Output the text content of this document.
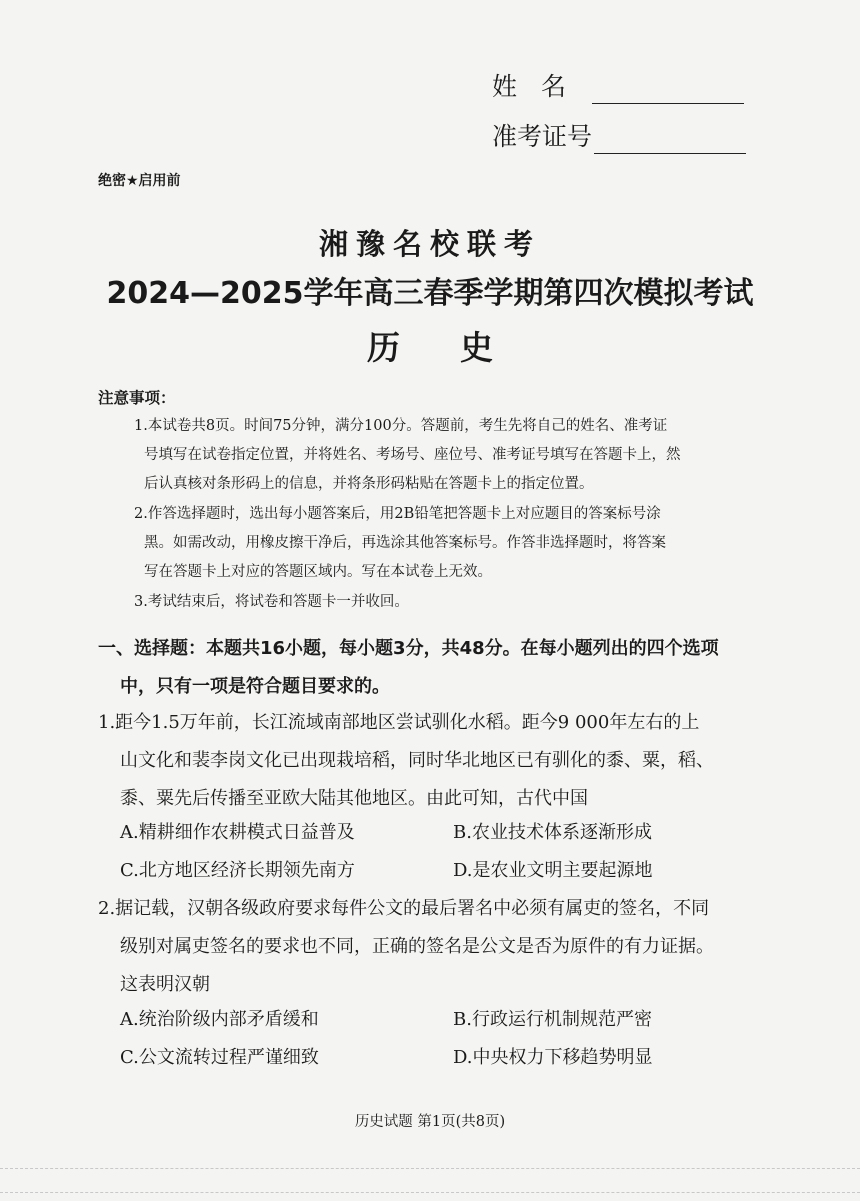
姓名
准考证号
绝密★启用前
湘豫名校联考
2024—2025学年高三春季学期第四次模拟考试
历史
注意事项：
1.本试卷共8页。时间75分钟，满分100分。答题前，考生先将自己的姓名、准考证
号填写在试卷指定位置，并将姓名、考场号、座位号、准考证号填写在答题卡上，然
后认真核对条形码上的信息，并将条形码粘贴在答题卡上的指定位置。
2.作答选择题时，选出每小题答案后，用2B铅笔把答题卡上对应题目的答案标号涂
黑。如需改动，用橡皮擦干净后，再选涂其他答案标号。作答非选择题时，将答案
写在答题卡上对应的答题区域内。写在本试卷上无效。
3.考试结束后，将试卷和答题卡一并收回。
一、选择题：本题共16小题，每小题3分，共48分。在每小题列出的四个选项
中，只有一项是符合题目要求的。
1.距今1.5万年前，长江流域南部地区尝试驯化水稻。距今9 000年左右的上
山文化和裴李岗文化已出现栽培稻，同时华北地区已有驯化的黍、粟，稻、
黍、粟先后传播至亚欧大陆其他地区。由此可知，古代中国
A.精耕细作农耕模式日益普及	B.农业技术体系逐渐形成
C.北方地区经济长期领先南方	D.是农业文明主要起源地
2.据记载，汉朝各级政府要求每件公文的最后署名中必须有属吏的签名，不同
级别对属吏签名的要求也不同，正确的签名是公文是否为原件的有力证据。
这表明汉朝
A.统治阶级内部矛盾缓和	B.行政运行机制规范严密
C.公文流转过程严谨细致	D.中央权力下移趋势明显
历史试题 第1页(共8页)
